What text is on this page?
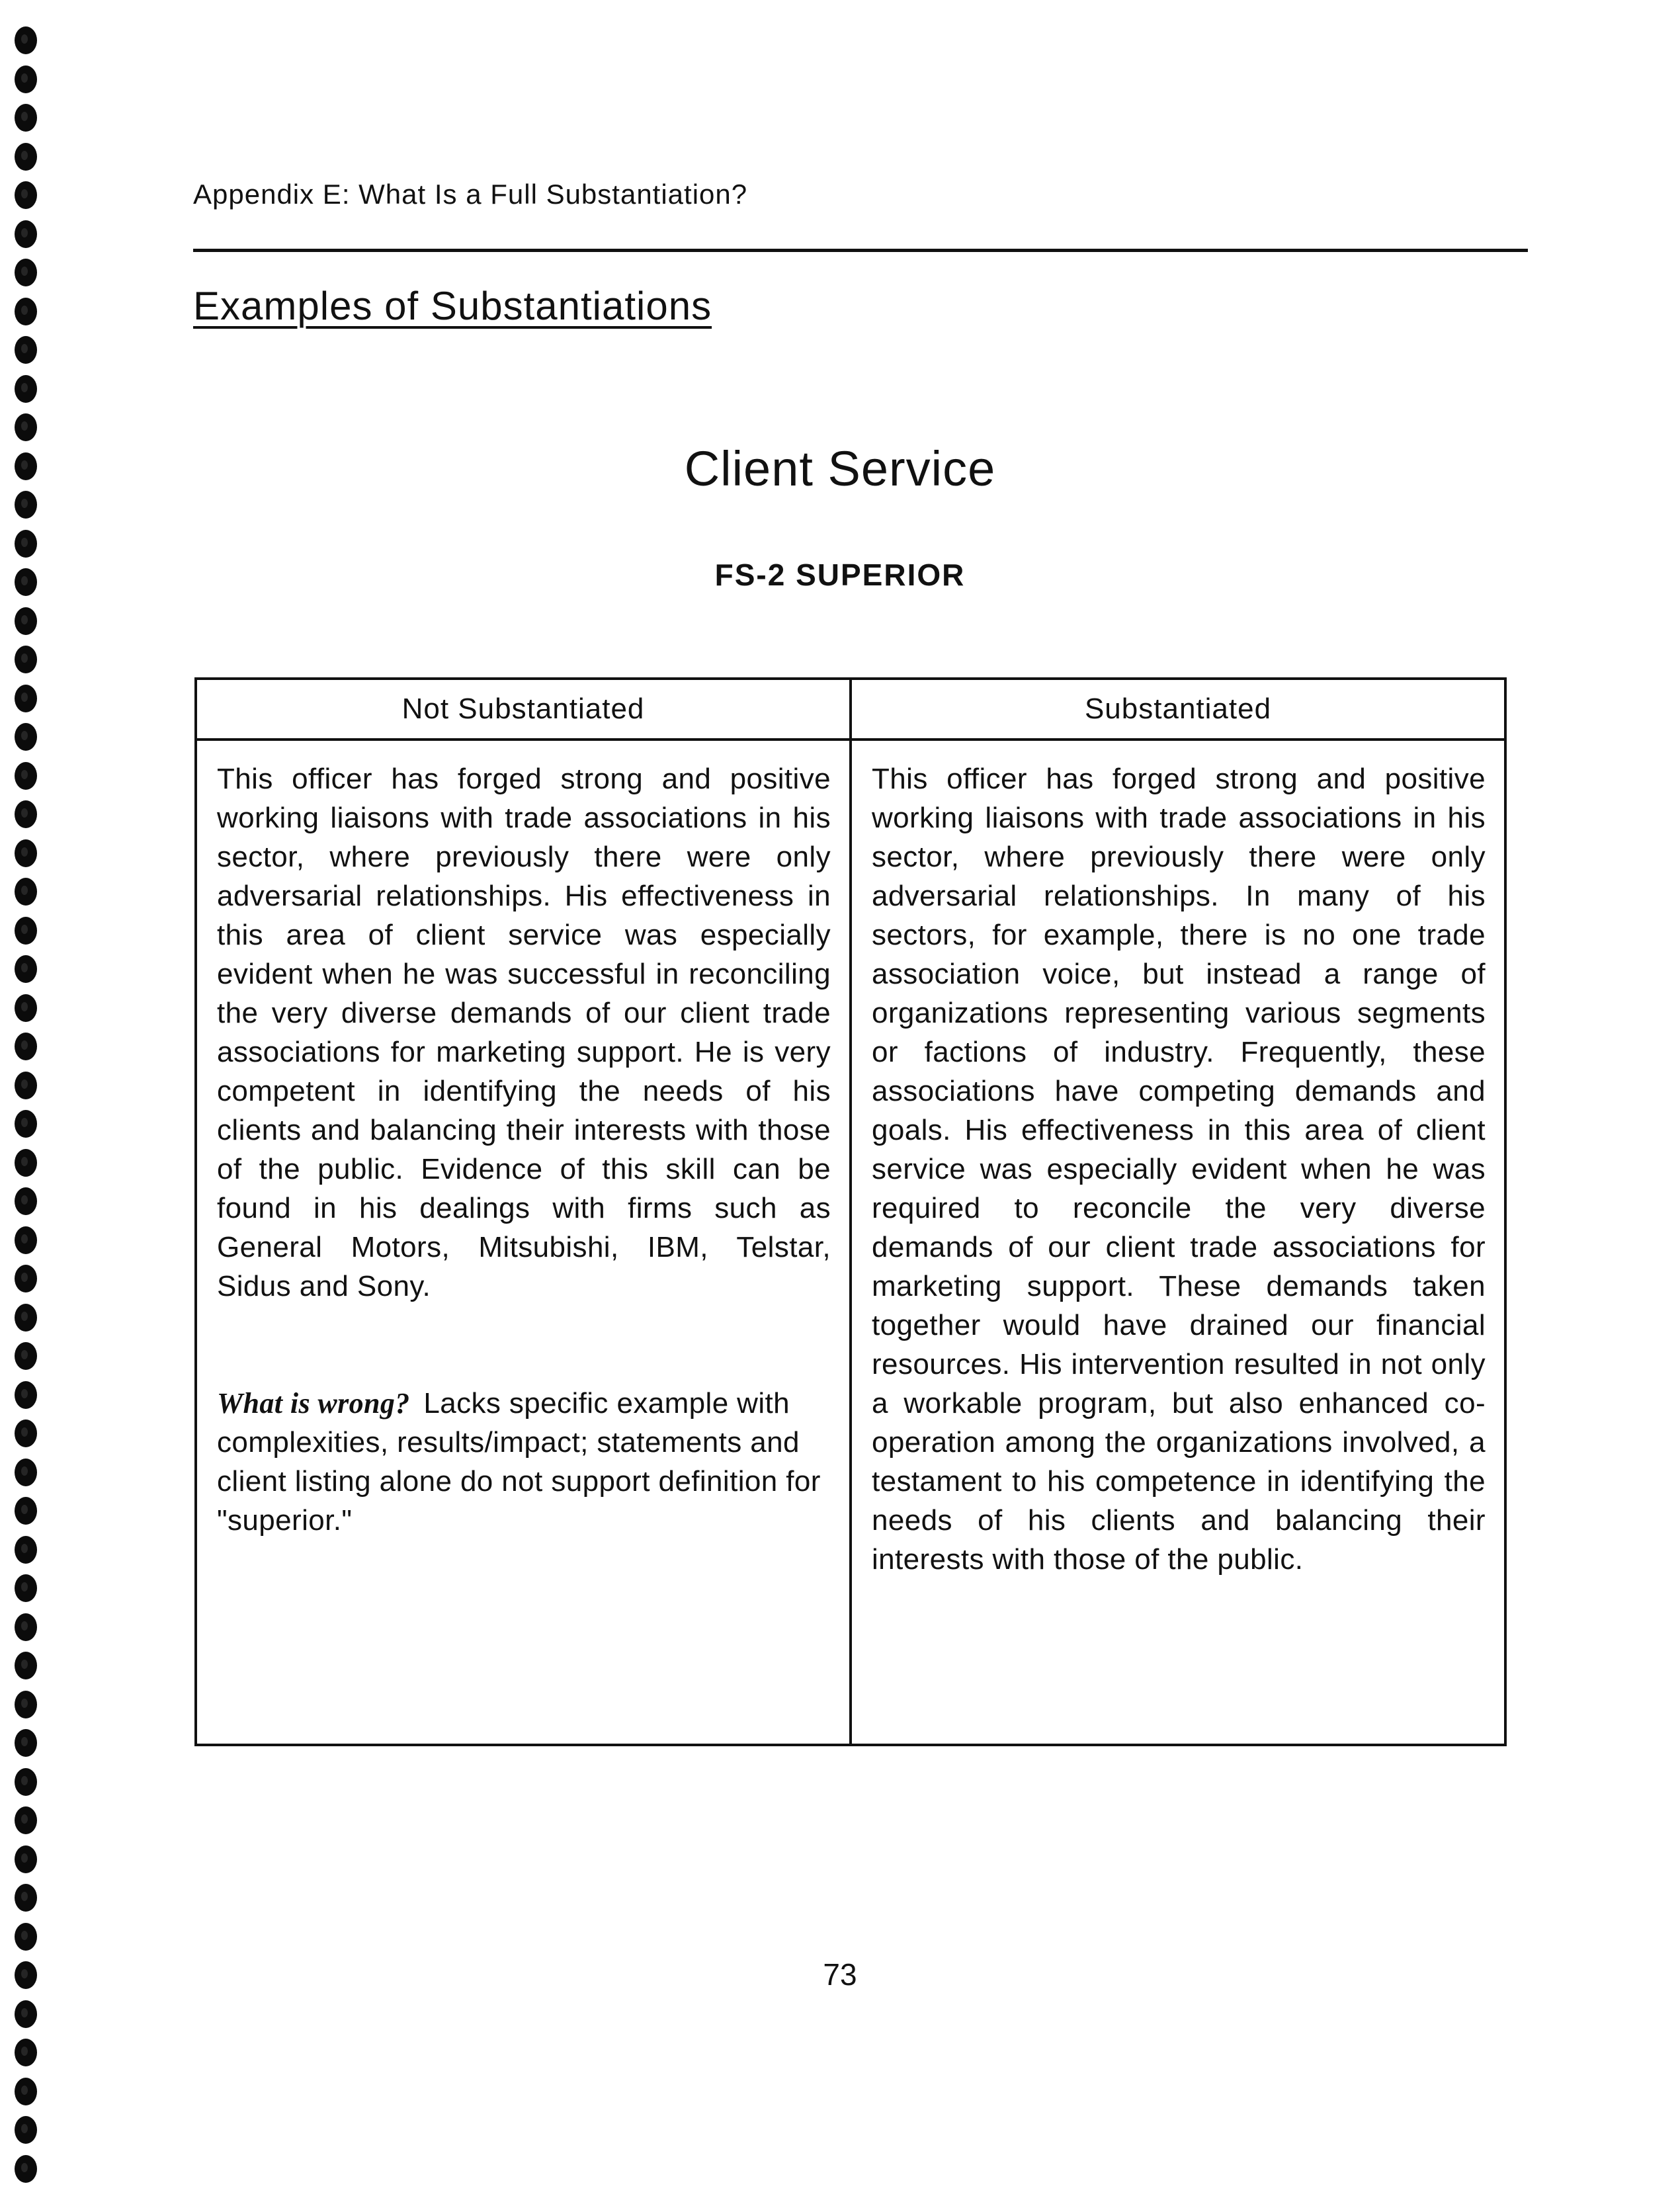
Appendix E: What Is a Full Substantiation?
Examples of Substantiations
Client Service
FS-2 SUPERIOR
Not Substantiated	Substantiated
This officer has forged strong and positive working liaisons with trade associations in his sector, where previously there were only adversarial relationships. His effectiveness in this area of client service was especially evident when he was successful in reconciling the very diverse demands of our client trade associations for marketing support. He is very competent in identifying the needs of his clients and balancing their interests with those of the public. Evidence of this skill can be found in his dealings with firms such as General Motors, Mitsubishi, IBM, Telstar, Sidus and Sony.
What is wrong? Lacks specific example with complexities, results/impact; statements and client listing alone do not support definition for "superior."
This officer has forged strong and positive working liaisons with trade associations in his sector, where previously there were only adversarial relationships. In many of his sectors, for example, there is no one trade association voice, but instead a range of organizations representing various segments or factions of industry. Frequently, these associations have competing demands and goals. His effectiveness in this area of client service was especially evident when he was required to reconcile the very diverse demands of our client trade associations for marketing support. These demands taken together would have drained our financial resources. His intervention resulted in not only a workable program, but also enhanced co-operation among the organizations involved, a testament to his competence in identifying the needs of his clients and balancing their interests with those of the public.
73
